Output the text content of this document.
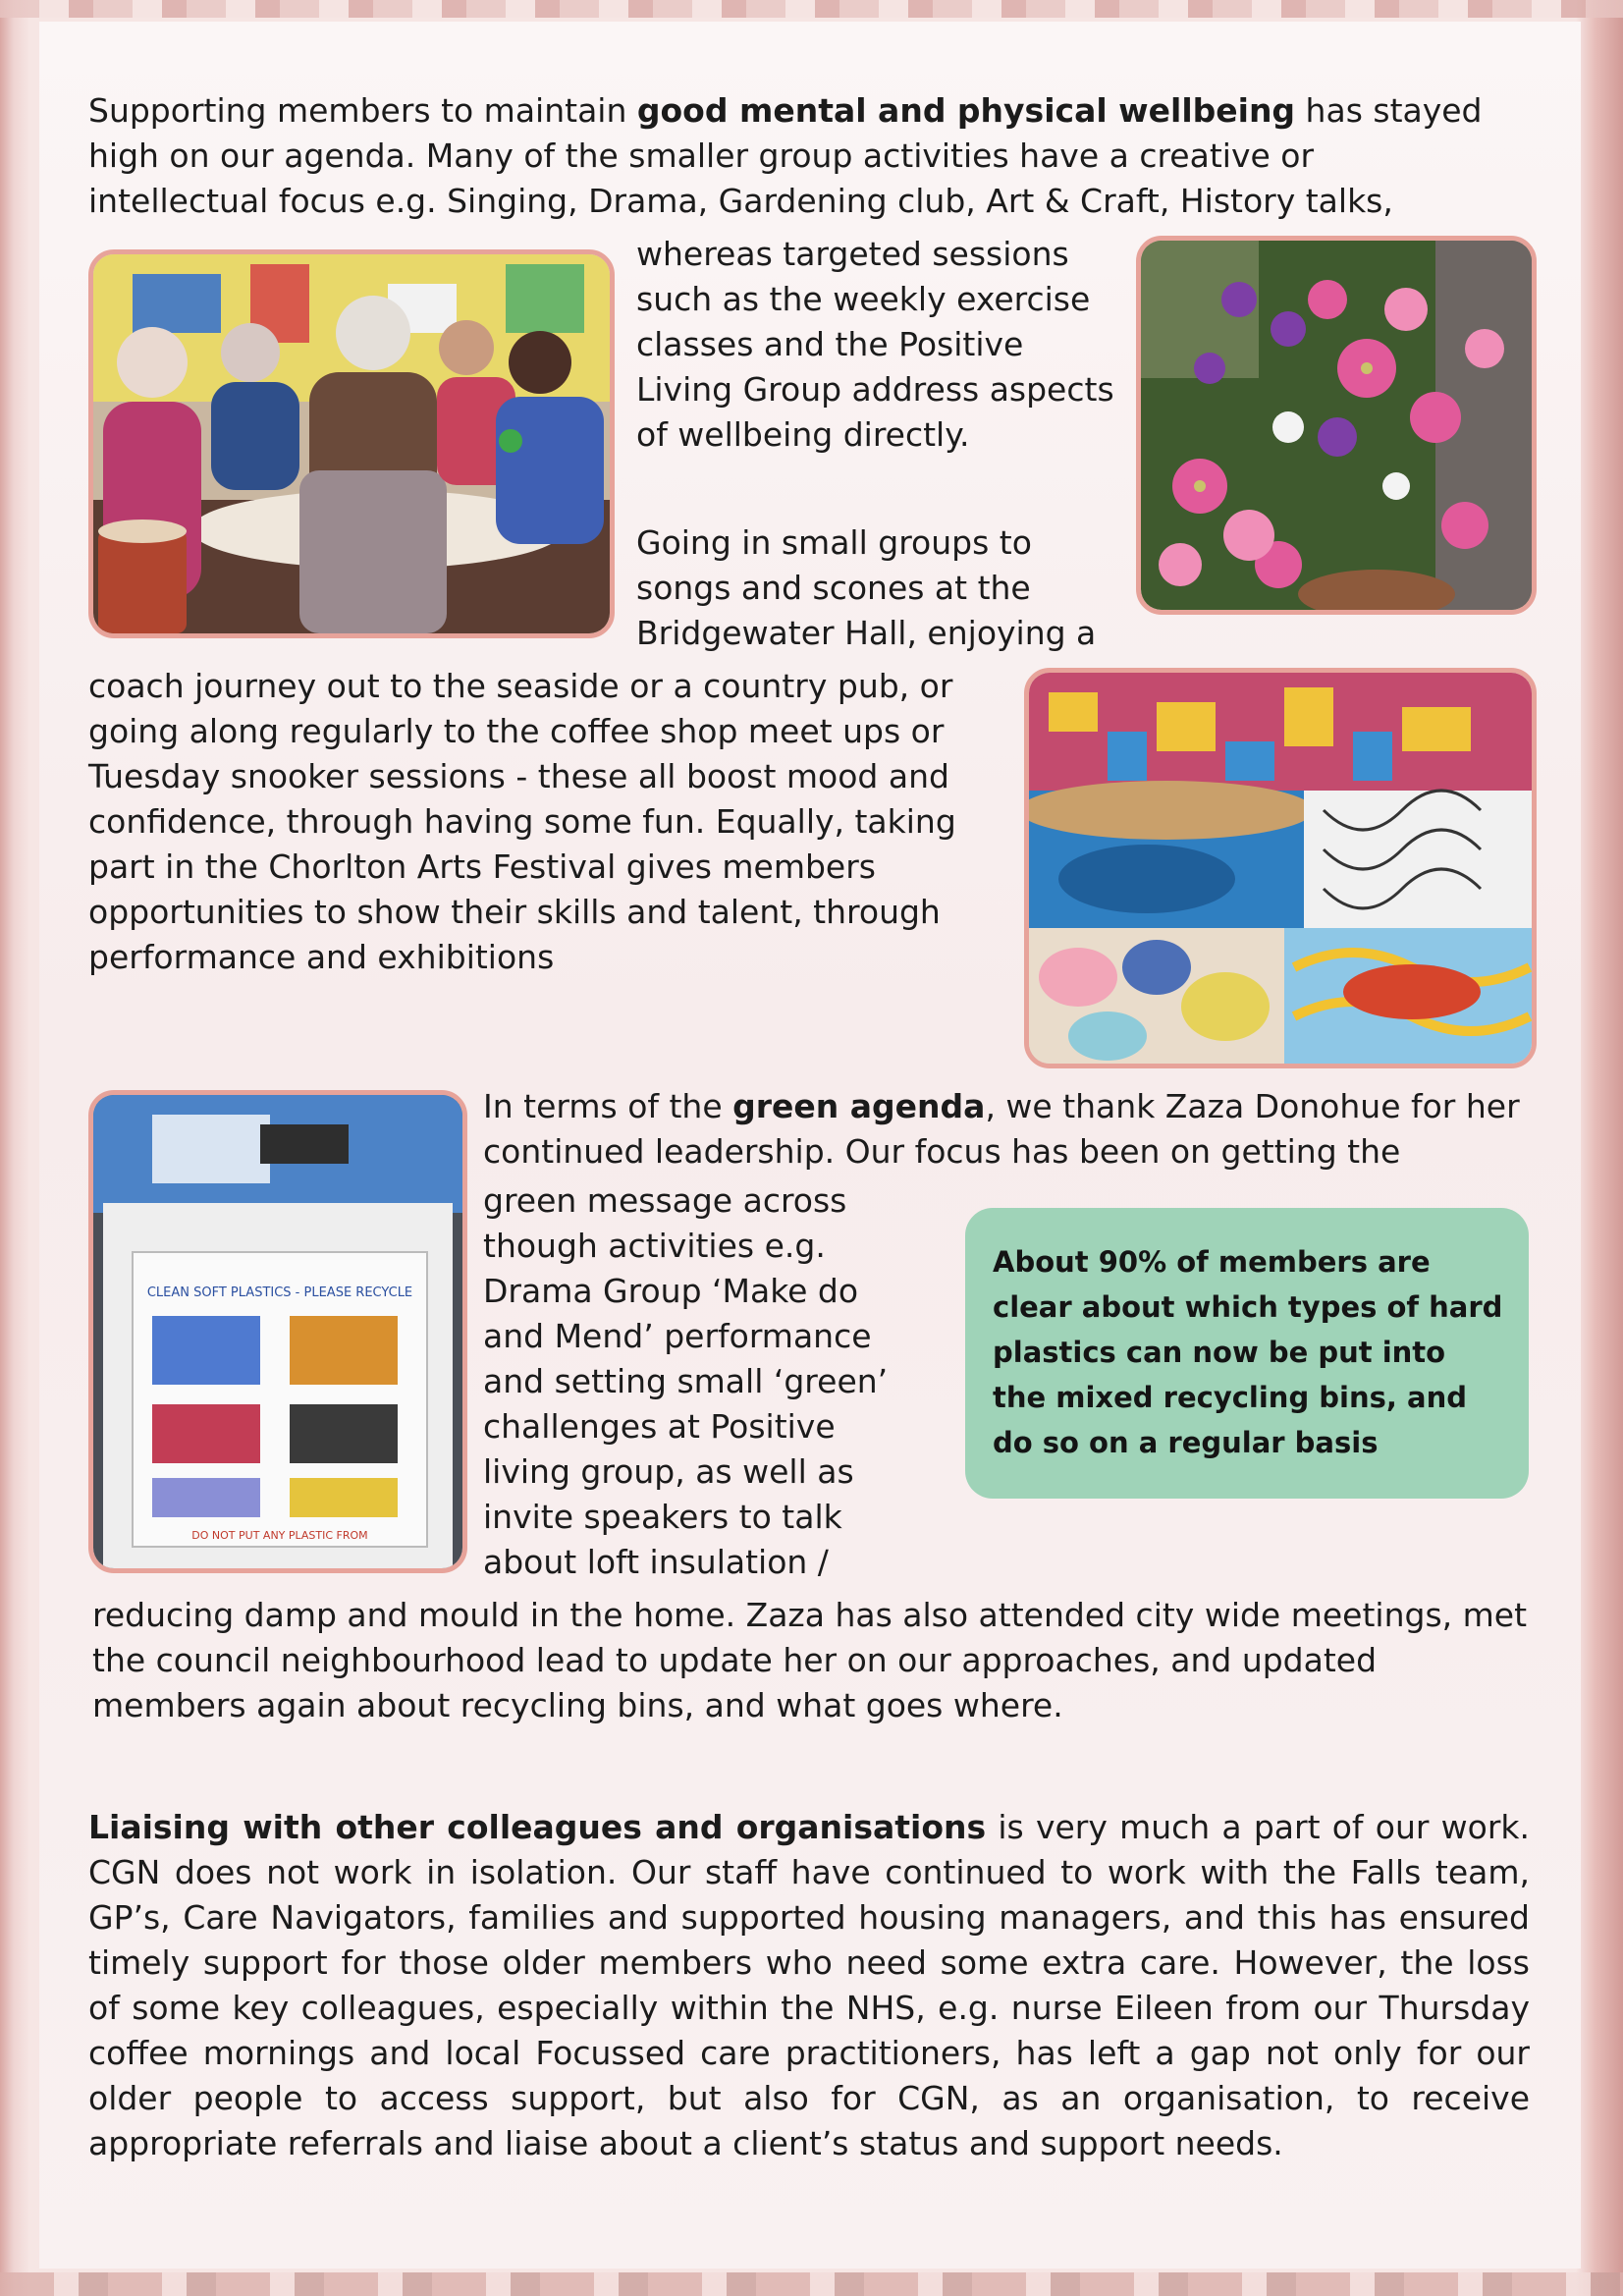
Supporting members to maintain good mental and physical wellbeing has stayed high on our agenda. Many of the smaller group activities have a creative or intellectual focus e.g. Singing, Drama, Gardening club, Art & Craft, History talks,

whereas targeted sessions such as the weekly exercise classes and the Positive Living Group address aspects of wellbeing directly.

Going in small groups to songs and scones at the Bridgewater Hall, enjoying a

coach journey out to the seaside or a country pub, or going along regularly to the coffee shop meet ups or Tuesday snooker sessions - these all boost mood and confidence, through having some fun. Equally, taking part in the Chorlton Arts Festival gives members opportunities to show their skills and talent, through performance and exhibitions

CLEAN SOFT PLASTICS - PLEASE RECYCLE
DO NOT PUT ANY PLASTIC FROM

In terms of the green agenda, we thank Zaza Donohue for her continued leadership. Our focus has been on getting the

green message across
though activities e.g.
Drama Group ‘Make do
and Mend’ performance
and setting small ‘green’
challenges at Positive
living group, as well as
invite speakers to talk
about loft insulation /
About 90% of members are clear about which types of hard plastics can now be put into the mixed recycling bins, and do so on a regular basis

reducing damp and mould in the home. Zaza has also attended city wide meetings, met the council neighbourhood lead to update her on our approaches, and updated members again about recycling bins, and what goes where.

Liaising with other colleagues and organisations is very much a part of our work. CGN does not work in isolation. Our staff have continued to work with the Falls team, GP’s, Care Navigators, families and supported housing managers, and this has ensured timely support for those older members who need some extra care. However, the loss of some key colleagues, especially within the NHS, e.g. nurse Eileen from our Thursday coffee mornings and local Focussed care practitioners, has left a gap not only for our older people to access support, but also for CGN, as an organisation, to receive appropriate referrals and liaise about a client’s status and support needs.
